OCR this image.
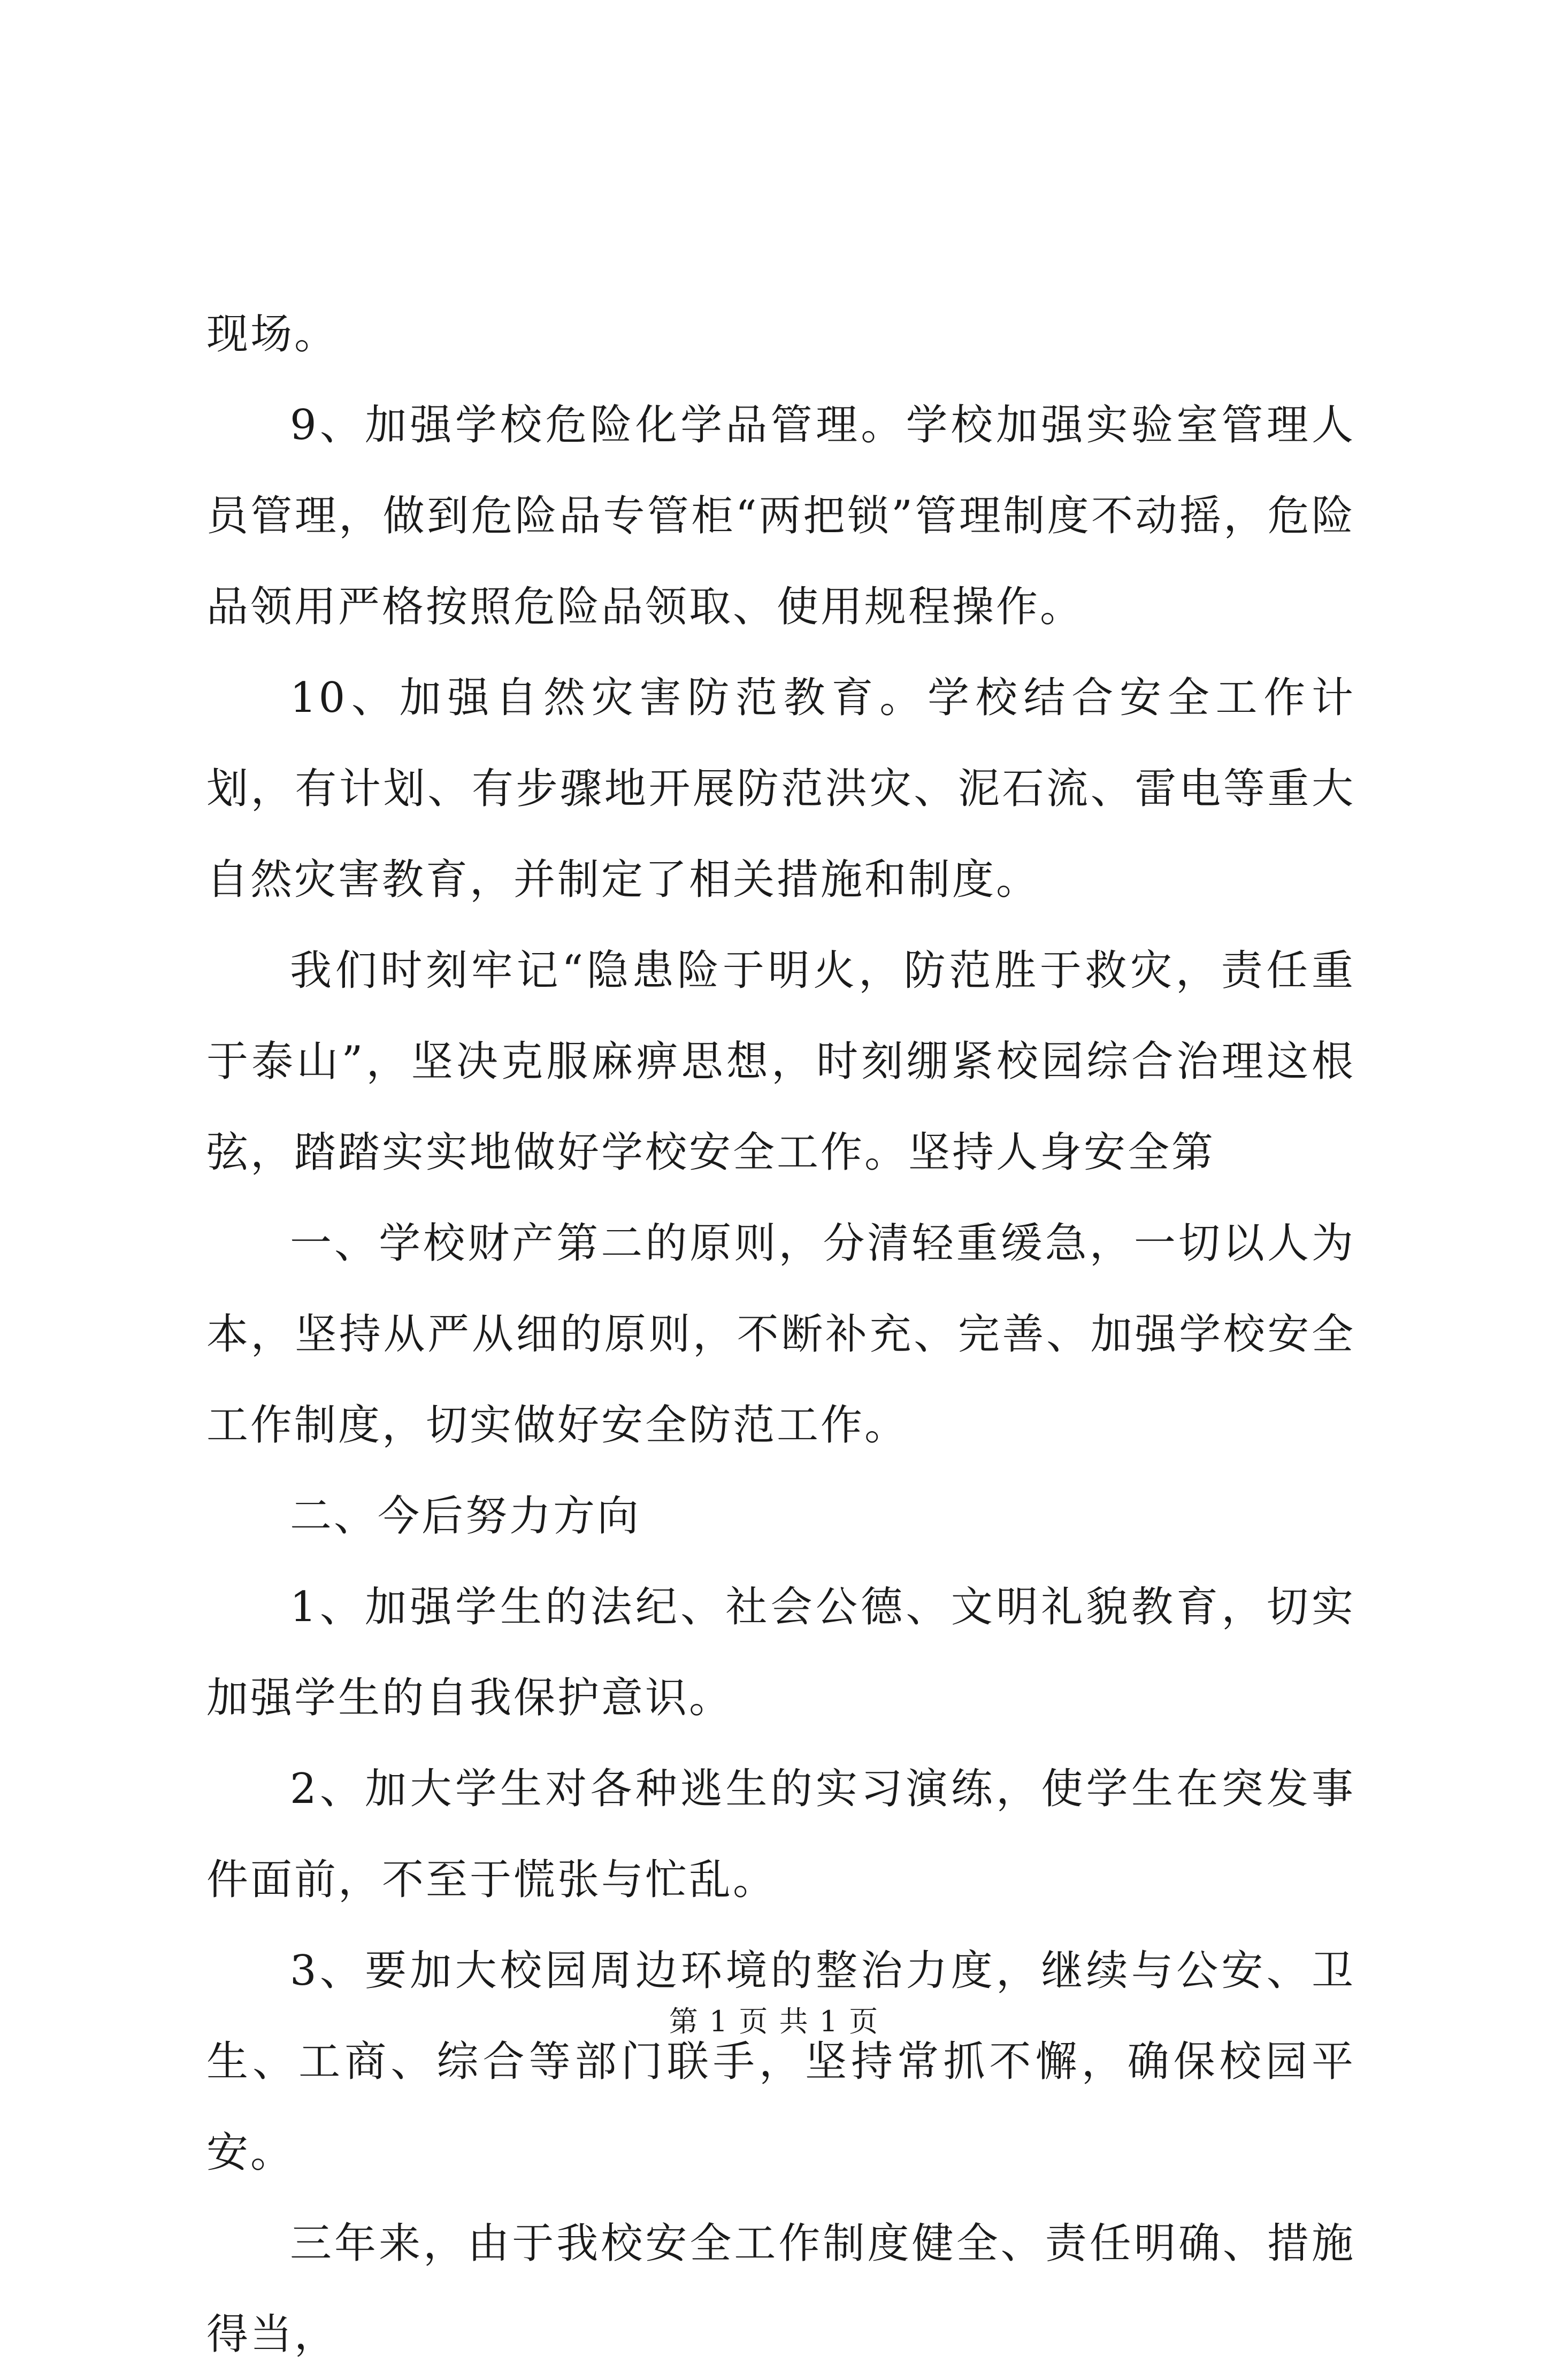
现场。

9、加强学校危险化学品管理。学校加强实验室管理人员管理，做到危险品专管柜“两把锁”管理制度不动摇，危险品领用严格按照危险品领取、使用规程操作。

10、加强自然灾害防范教育。学校结合安全工作计划，有计划、有步骤地开展防范洪灾、泥石流、雷电等重大自然灾害教育，并制定了相关措施和制度。

我们时刻牢记“隐患险于明火，防范胜于救灾，责任重于泰山”，坚决克服麻痹思想，时刻绷紧校园综合治理这根弦，踏踏实实地做好学校安全工作。坚持人身安全第

一、学校财产第二的原则，分清轻重缓急，一切以人为本，坚持从严从细的原则，不断补充、完善、加强学校安全工作制度，切实做好安全防范工作。

二、今后努力方向

1、加强学生的法纪、社会公德、文明礼貌教育，切实加强学生的自我保护意识。

2、加大学生对各种逃生的实习演练，使学生在突发事件面前，不至于慌张与忙乱。

3、要加大校园周边环境的整治力度，继续与公安、卫生、工商、综合等部门联手，坚持常抓不懈，确保校园平安。

三年来，由于我校安全工作制度健全、责任明确、措施得当，

第 1 页 共 1 页
